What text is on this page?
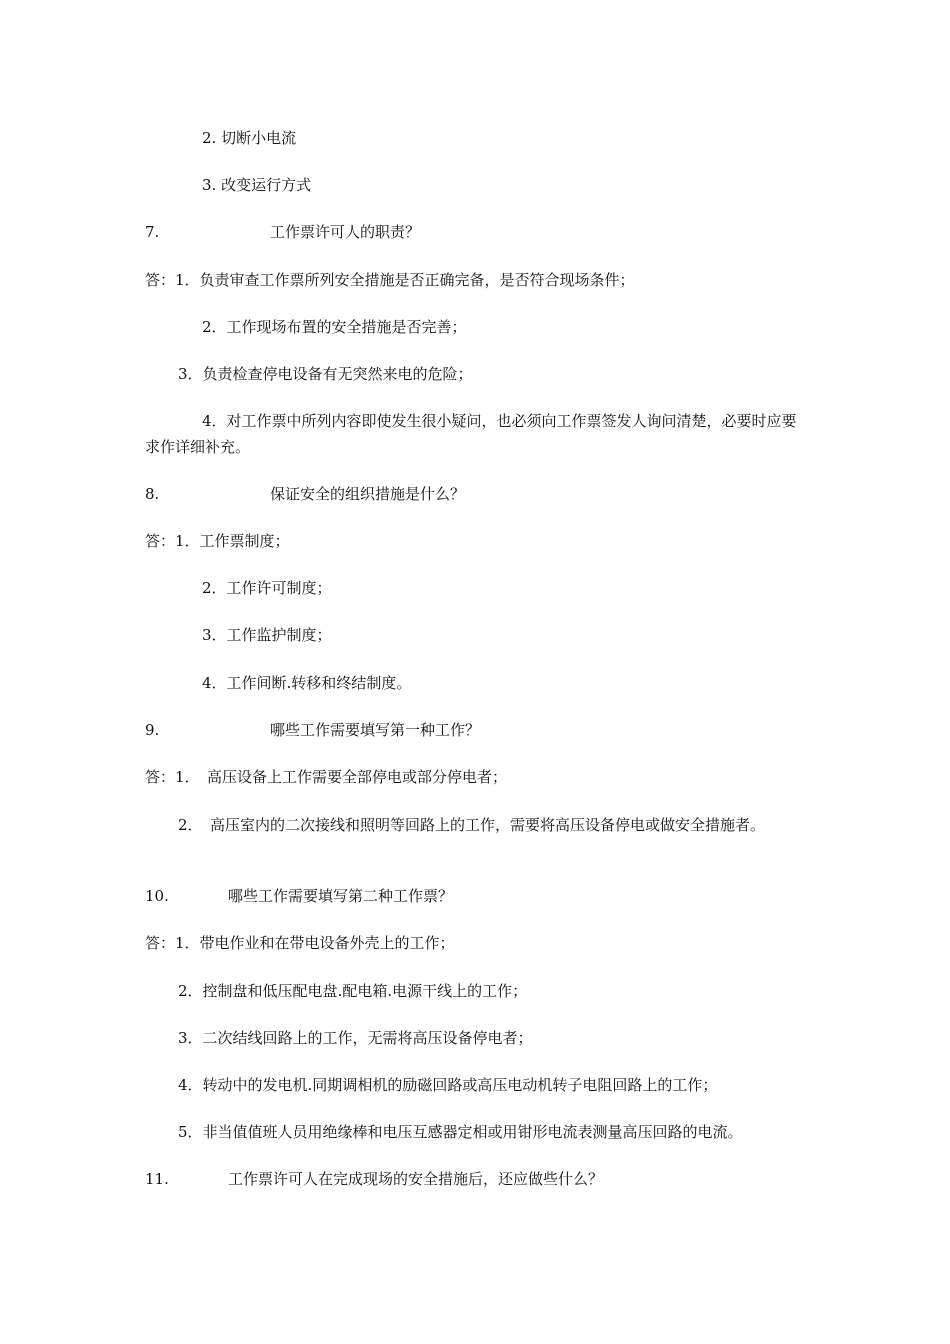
2. 切断小电流
3. 改变运行方式
7.	工作票许可人的职责？
答：1．负责审查工作票所列安全措施是否正确完备，是否符合现场条件；
2．工作现场布置的安全措施是否完善；
3．负责检查停电设备有无突然来电的危险；
4．对工作票中所列内容即使发生很小疑问，也必须向工作票签发人询问清楚，必要时应要求作详细补充。
8.	保证安全的组织措施是什么？
答：1．工作票制度；
2．工作许可制度；
3．工作监护制度；
4．工作间断.转移和终结制度。
9.	哪些工作需要填写第一种工作？
答：1．　高压设备上工作需要全部停电或部分停电者；
2．　高压室内的二次接线和照明等回路上的工作，需要将高压设备停电或做安全措施者。
10.	哪些工作需要填写第二种工作票？
答：1．带电作业和在带电设备外壳上的工作；
2．控制盘和低压配电盘.配电箱.电源干线上的工作；
3．二次结线回路上的工作，无需将高压设备停电者；
4．转动中的发电机.同期调相机的励磁回路或高压电动机转子电阻回路上的工作；
5．非当值值班人员用绝缘棒和电压互感器定相或用钳形电流表测量高压回路的电流。
11.	工作票许可人在完成现场的安全措施后，还应做些什么？
